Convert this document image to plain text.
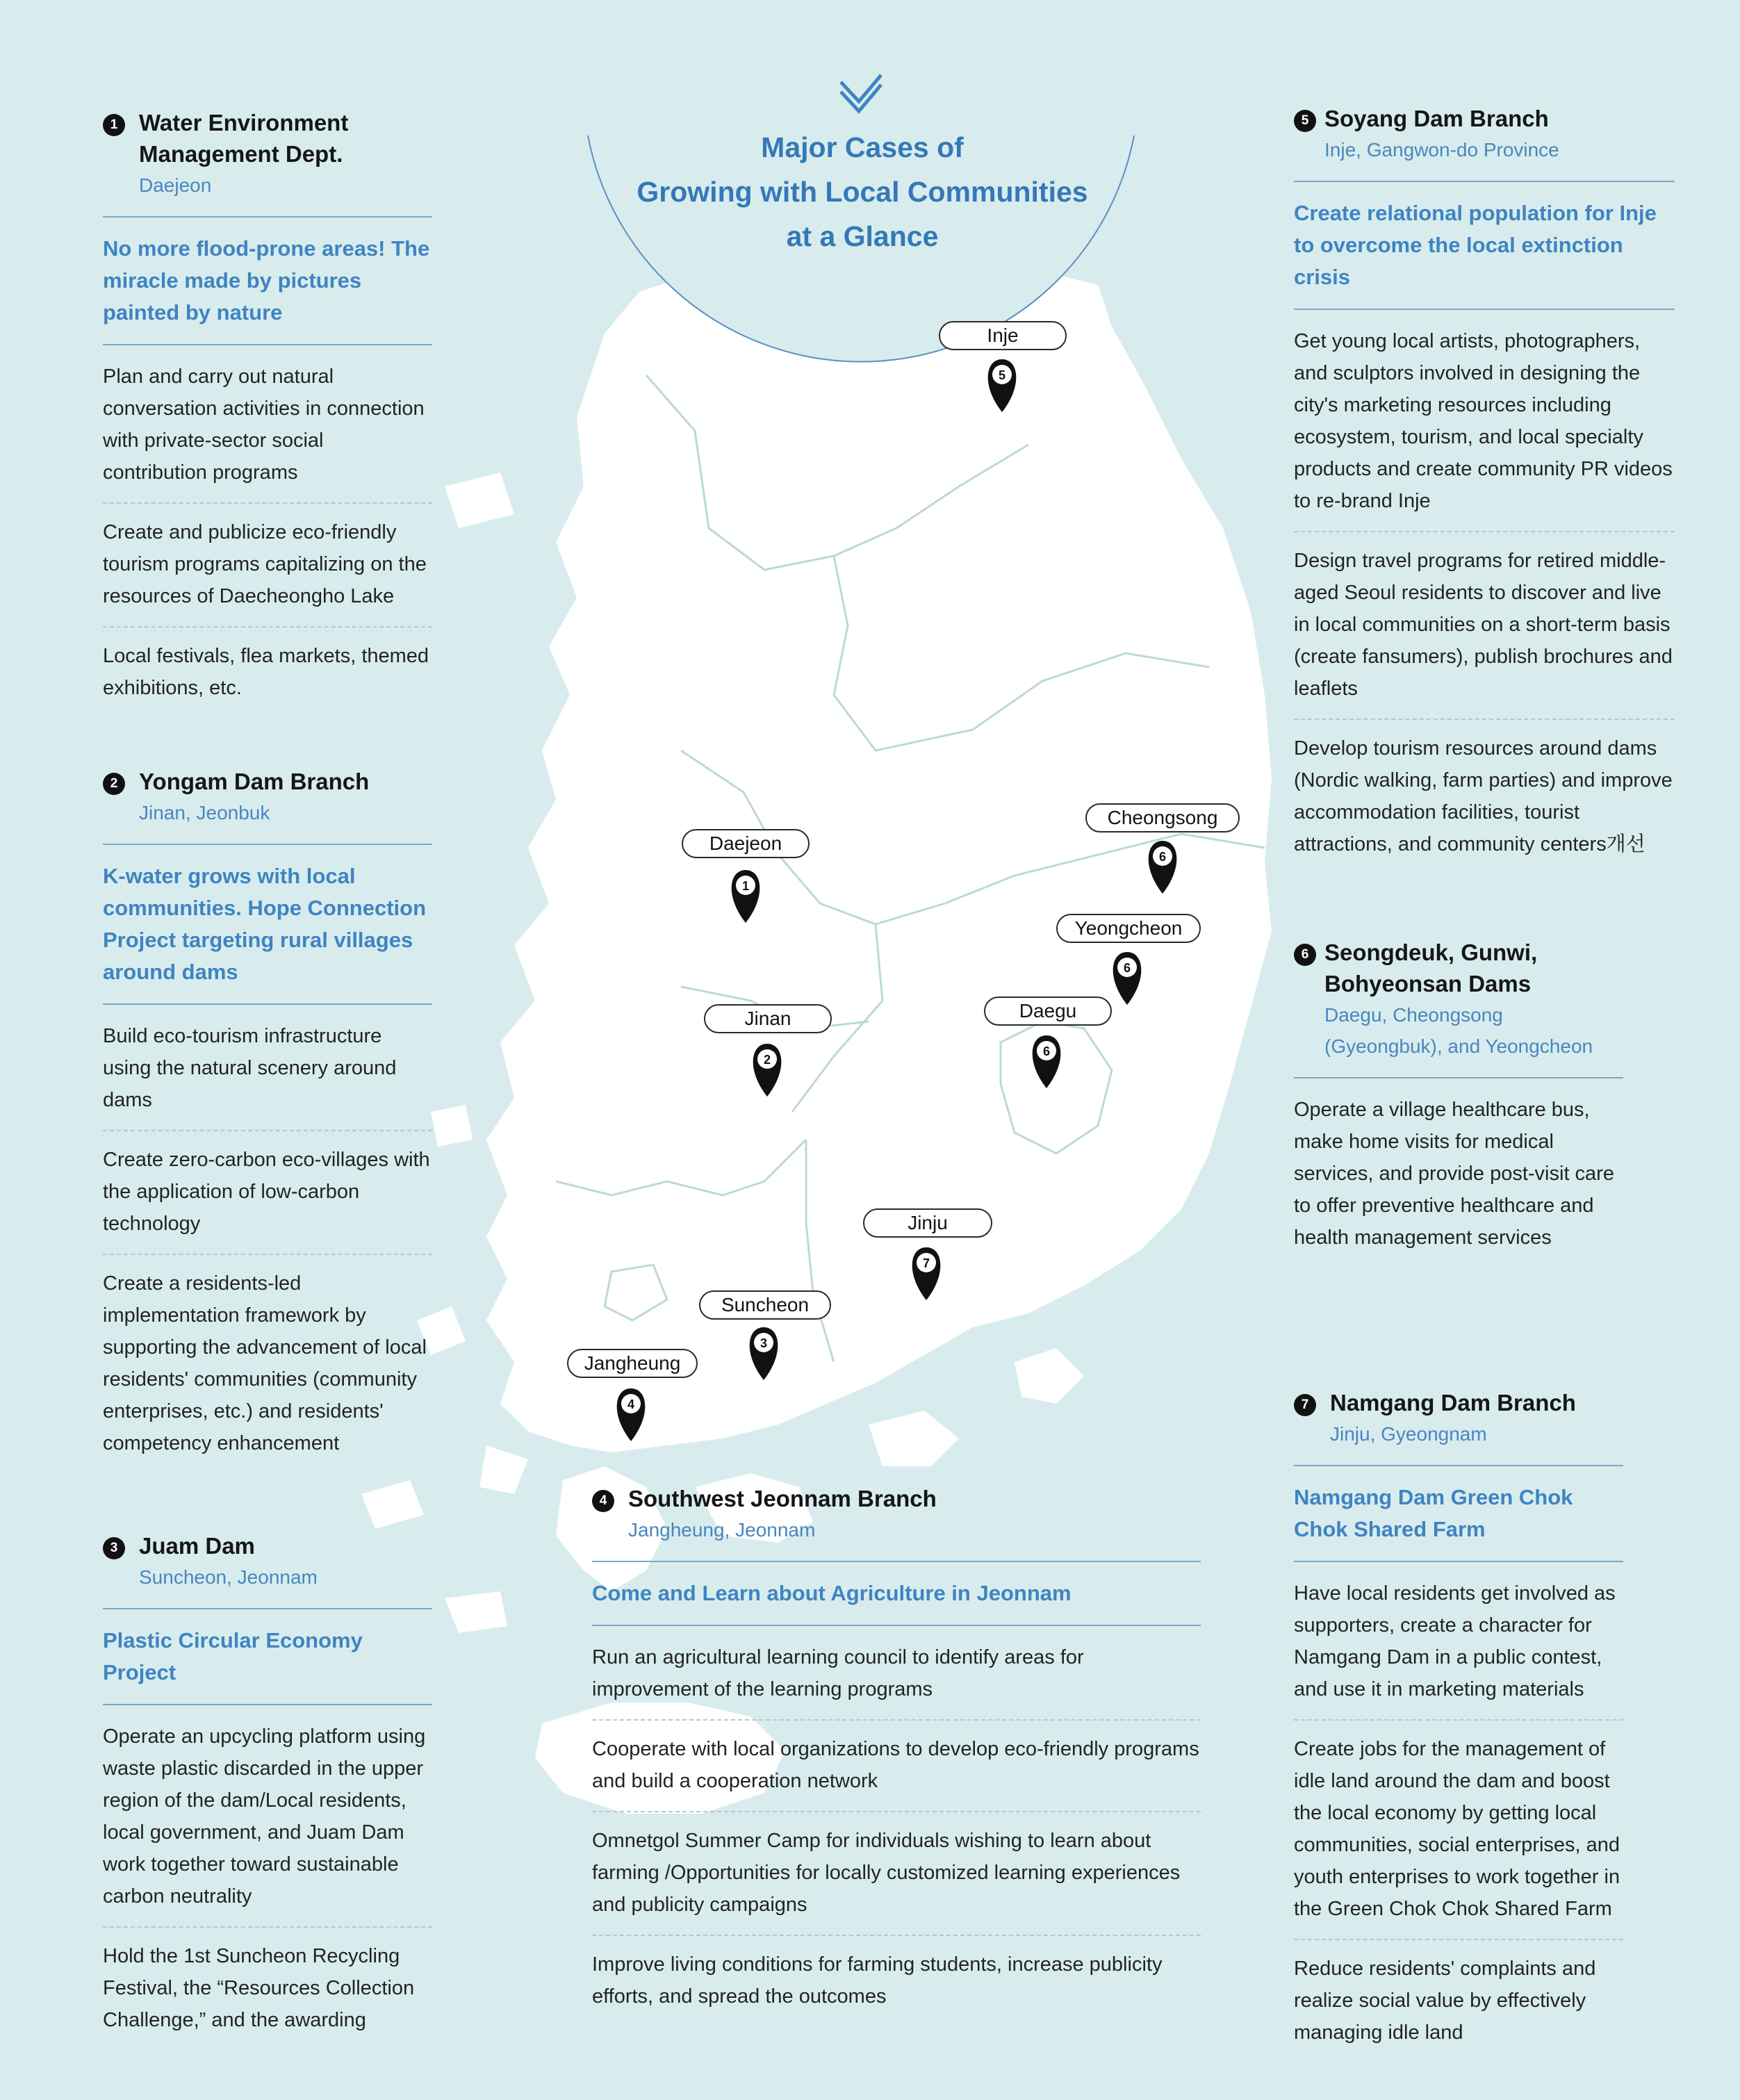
5
1
2
6
6
6
7
3
4
Major Cases of
Growing with Local Communities
at a Glance
Inje
Daejeon
Jinan
Cheongsong
Yeongcheon
Daegu
Jinju
Suncheon
Jangheung
1 Water Environment Management Dept.
Daejeon
No more flood-prone areas! The miracle made by pictures painted by nature
Plan and carry out natural conversation activities in connection with private-sector social contribution programs
Create and publicize eco-friendly tourism programs capitalizing on the resources of Daecheongho Lake
Local festivals, flea markets, themed exhibitions, etc.
2 Yongam Dam Branch
Jinan, Jeonbuk
K-water grows with local communities. Hope Connection Project targeting rural villages around dams
Build eco-tourism infrastructure using the natural scenery around dams
Create zero-carbon eco-villages with the application of low-carbon technology
Create a residents-led implementation framework by supporting the advancement of local residents' communities (community enterprises, etc.) and residents' competency enhancement
3 Juam Dam
Suncheon, Jeonnam
Plastic Circular Economy Project
Operate an upcycling platform using waste plastic discarded in the upper region of the dam/Local residents, local government, and Juam Dam work together toward sustainable carbon neutrality
Hold the 1st Suncheon Recycling Festival, the “Resources Collection Challenge,” and the awarding
4 Southwest Jeonnam Branch
Jangheung, Jeonnam
Come and Learn about Agriculture in Jeonnam
Run an agricultural learning council to identify areas for improvement of the learning programs
Cooperate with local organizations to develop eco-friendly programs and build a cooperation network
Omnetgol Summer Camp for individuals wishing to learn about farming /Opportunities for locally customized learning experiences and publicity campaigns
Improve living conditions for farming students, increase publicity efforts, and spread the outcomes
5 Soyang Dam Branch
Inje, Gangwon-do Province
Create relational population for Inje to overcome the local extinction crisis
Get young local artists, photographers, and sculptors involved in designing the city's marketing resources including ecosystem, tourism, and local specialty products and create community PR videos to re-brand Inje
Design travel programs for retired middle-aged Seoul residents to discover and live in local communities on a short-term basis (create fansumers), publish brochures and leaflets
Develop tourism resources around dams (Nordic walking, farm parties) and improve accommodation facilities, tourist attractions, and community centers개선
6 Seongdeuk, Gunwi, Bohyeonsan Dams
Daegu, Cheongsong (Gyeongbuk), and Yeongcheon
Operate a village healthcare bus, make home visits for medical services, and provide post-visit care to offer preventive healthcare and health management services
7 Namgang Dam Branch
Jinju, Gyeongnam
Namgang Dam Green Chok Chok Shared Farm
Have local residents get involved as supporters, create a character for Namgang Dam in a public contest, and use it in marketing materials
Create jobs for the management of idle land around the dam and boost the local economy by getting local communities, social enterprises, and youth enterprises to work together in the Green Chok Chok Shared Farm
Reduce residents' complaints and realize social value by effectively managing idle land
